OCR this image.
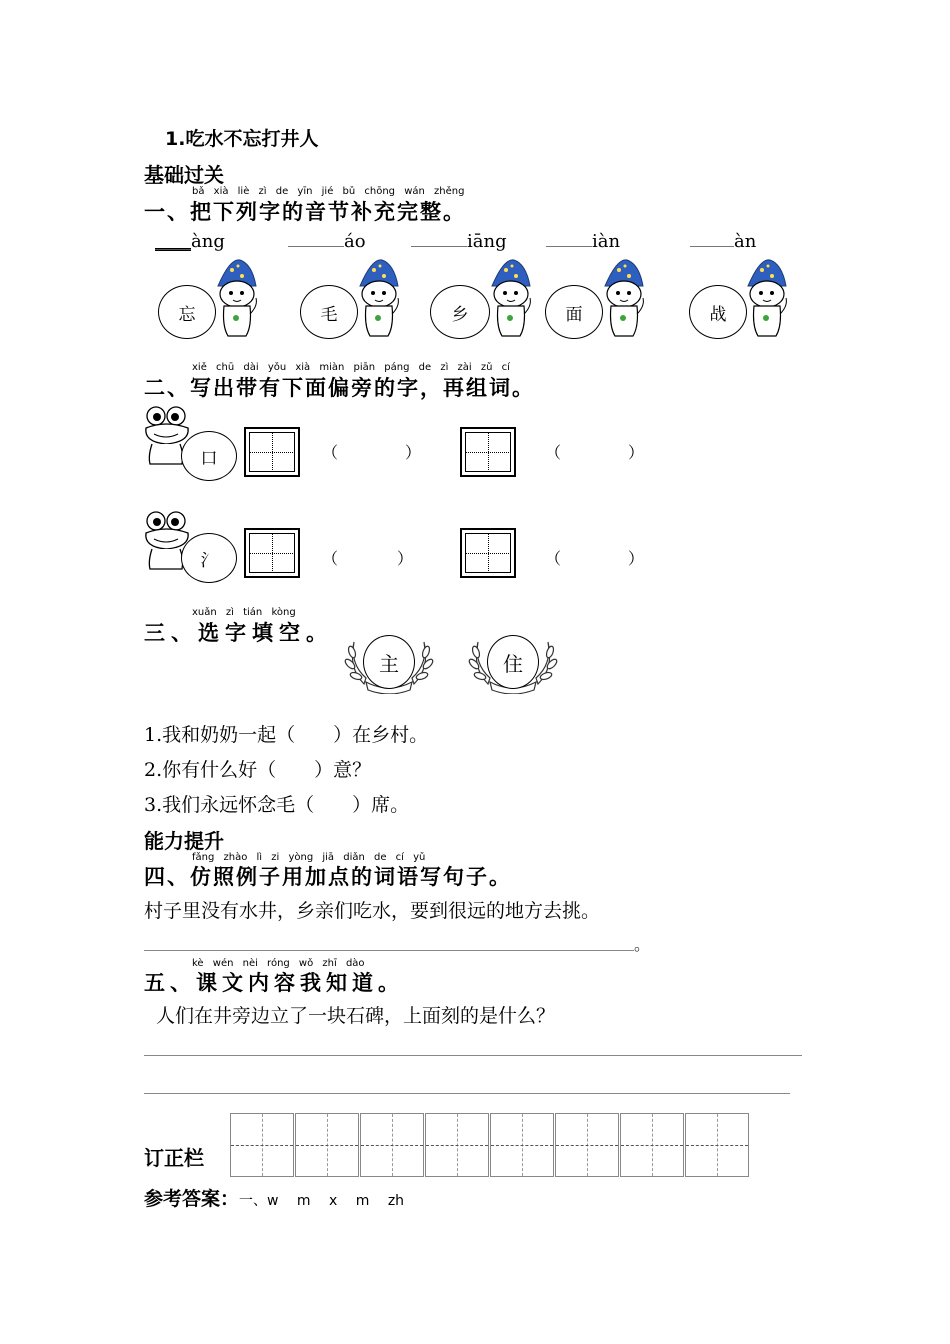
1.吃水不忘打井人
基础过关
bǎ xià liè zì de yīn jié bǔ chōng wán zhěng
一、把下列字的音节补充完整。
____àng	áo	iāng	iàn	àn
忘	毛	乡	面	战
xiě chū dài yǒu xià miàn piān páng de zì zài zǔ cí
二、写出带有下面偏旁的字，再组词。
口	（	）	（	）
氵	（	）	（	）
xuǎn zì tián kòng
三、选字填空。
主	住
1.我和奶奶一起（　　）在乡村。
2.你有什么好（　　）意？
3.我们永远怀念毛（　　）席。
能力提升
fǎng zhào lì zi yòng jiā diǎn de cí yǔ
四、仿照例子用加点的词语写句子。
村子里没有水井，乡亲们吃水，要到很远的地方去挑。
。
kè wén nèi róng wǒ zhī dào
五、课文内容我知道。
人们在井旁边立了一块石碑，上面刻的是什么？
订正栏
参考答案：一、w　 m　 x　 m　 zh
